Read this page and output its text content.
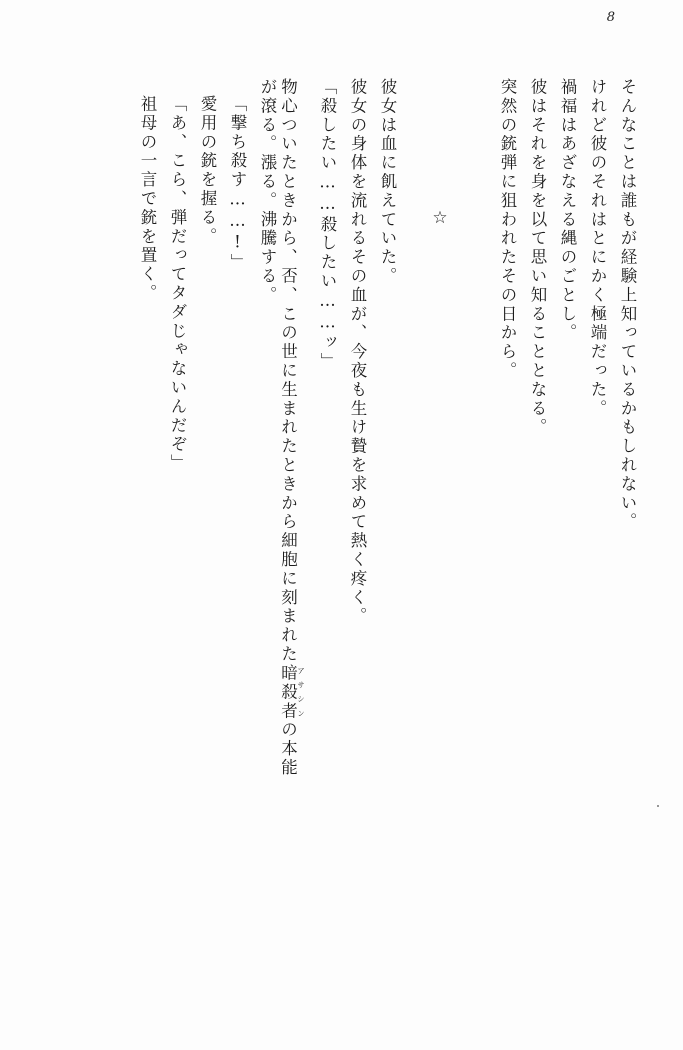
8
そんなことは誰もが経験上知っているかもしれない。
けれど彼のそれはとにかく極端だった。
禍福はあざなえる縄のごとし。
彼はそれを身を以て思い知ることとなる。
突然の銃弾に狙われたその日から。
☆
彼女は血に飢えていた。
彼女の身体を流れるその血が、今夜も生け贄を求めて熱く疼く。
「殺したい……殺したい……ッ」
物心ついたときから、否、この世に生まれたときから細胞に刻まれた暗殺者 アサシンの本能
が滾る。漲る。沸騰する。
「撃ち殺す……!」
愛用の銃を握る。
「あ、こら、弾だってタダじゃないんだぞ」
祖母の一言で銃を置く。
